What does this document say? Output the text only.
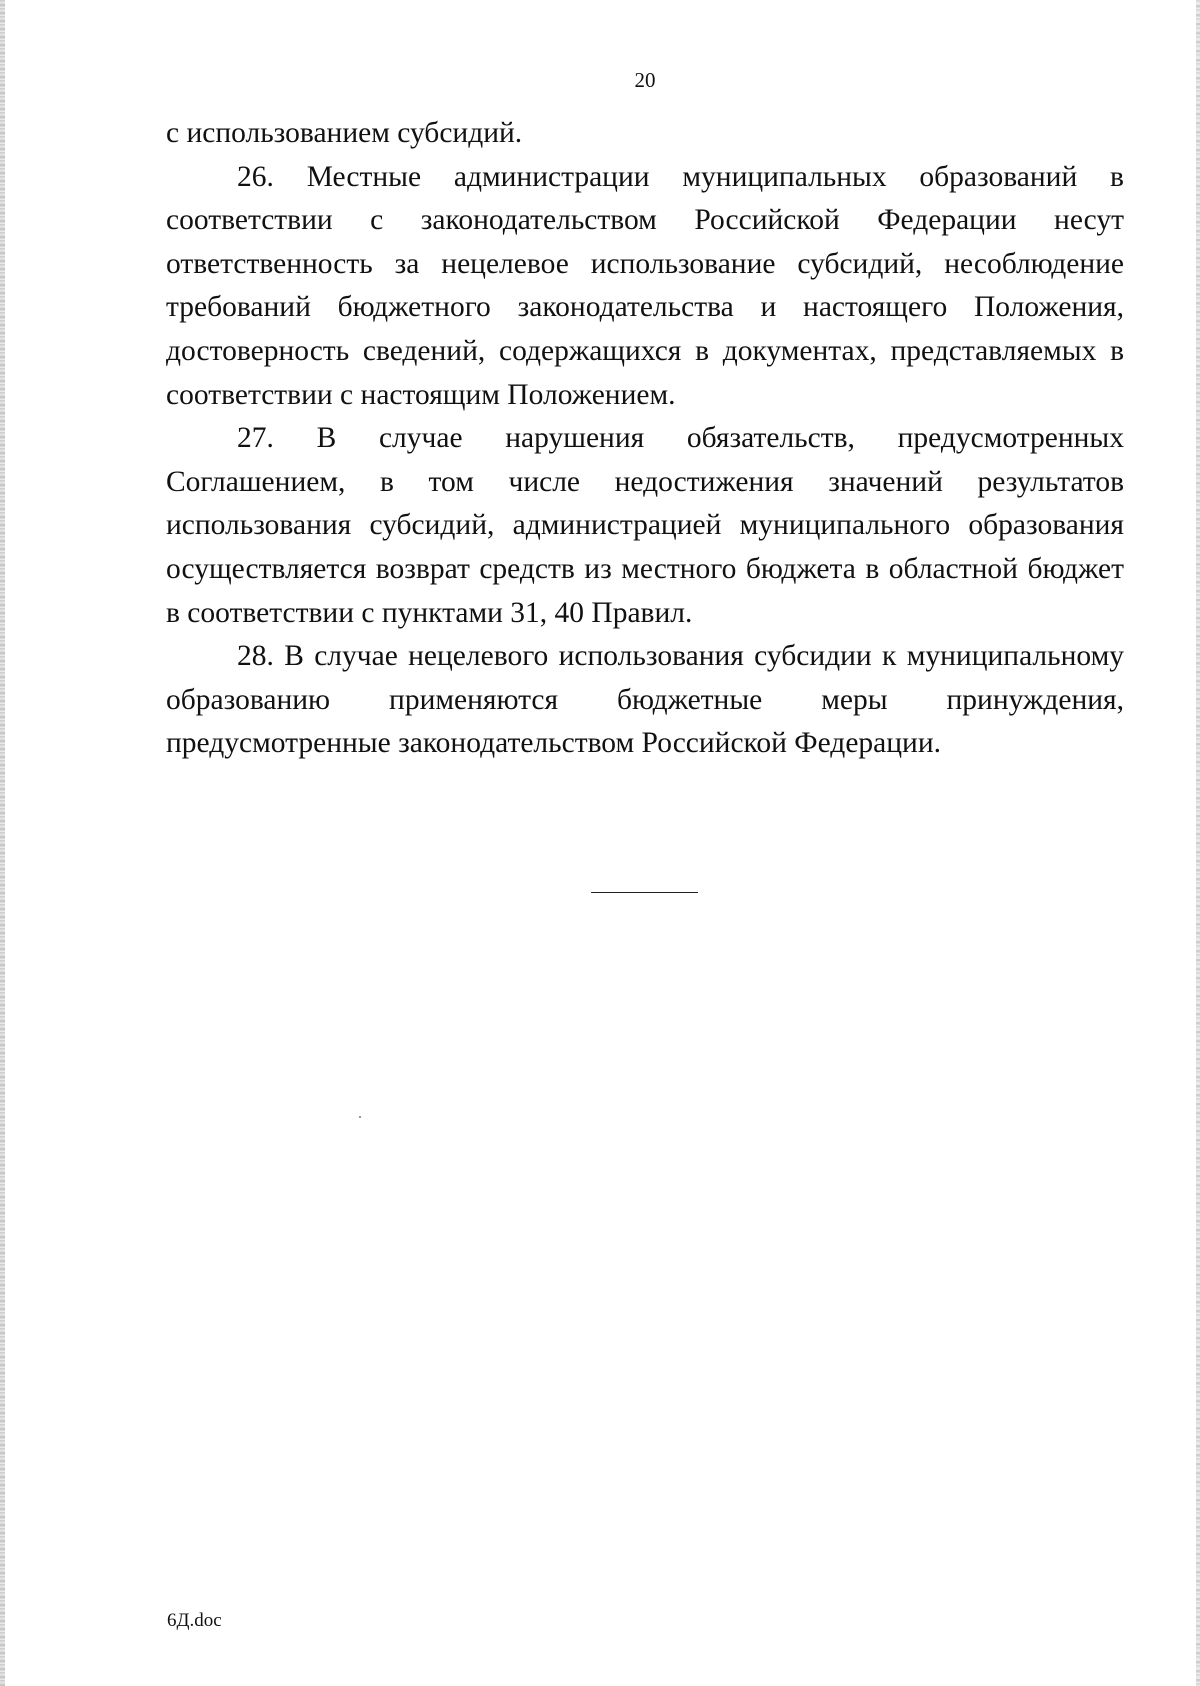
20

с использованием субсидий.

26. Местные администрации муниципальных образований в соответствии с законодательством Российской Федерации несут ответственность за нецелевое использование субсидий, несоблюдение требований бюджетного законодательства и настоящего Положения, достоверность сведений, содержащихся в документах, представляемых в соответствии с настоящим Положением.

27. В случае нарушения обязательств, предусмотренных Соглашением, в том числе недостижения значений результатов использования субсидий, администрацией муниципального образования осуществляется возврат средств из местного бюджета в областной бюджет в соответствии с пунктами 31, 40 Правил.

28. В случае нецелевого использования субсидии к муниципальному образованию применяются бюджетные меры принуждения, предусмотренные законодательством Российской Федерации.

6Д.doc
